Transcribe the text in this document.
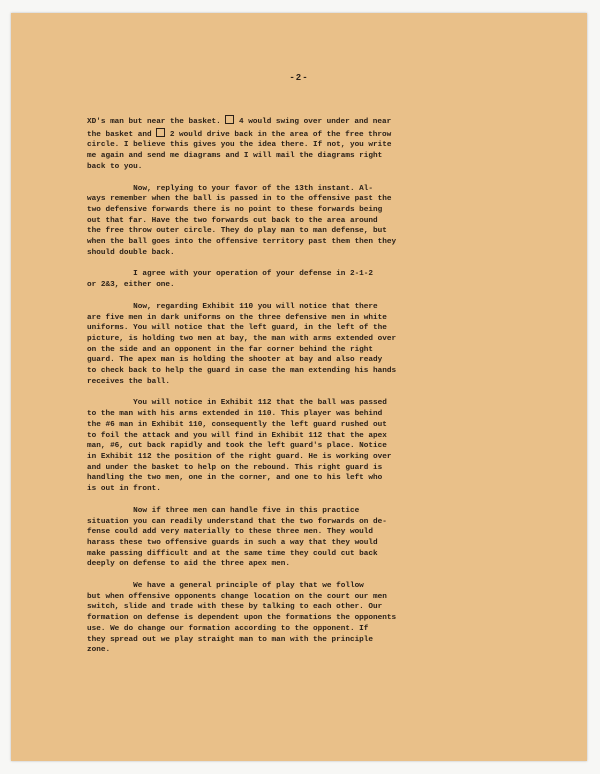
-2-

XD's man but near the basket.  4 would swing over under and near

the basket and  2 would drive back in the area of the free throw

circle. I believe this gives you the idea there. If not, you write

me again and send me diagrams and I will mail the diagrams right

back to you.

Now, replying to your favor of the 13th instant. Al-

ways remember when the ball is passed in to the offensive past the

two defensive forwards there is no point to these forwards being

out that far. Have the two forwards cut back to the area around

the free throw outer circle. They do play man to man defense, but

when the ball goes into the offensive territory past them then they

should double back.

I agree with your operation of your defense in 2-1-2

or 2&3, either one.

Now, regarding Exhibit 110 you will notice that there

are five men in dark uniforms on the three defensive men in white

uniforms. You will notice that the left guard, in the left of the

picture, is holding two men at bay, the man with arms extended over

on the side and an opponent in the far corner behind the right

guard. The apex man is holding the shooter at bay and also ready

to check back to help the guard in case the man extending his hands

receives the ball.

You will notice in Exhibit 112 that the ball was passed

to the man with his arms extended in 110. This player was behind

the #6 man in Exhibit 110, consequently the left guard rushed out

to foil the attack and you will find in Exhibit 112 that the apex

man, #6, cut back rapidly and took the left guard's place. Notice

in Exhibit 112 the position of the right guard. He is working over

and under the basket to help on the rebound. This right guard is

handling the two men, one in the corner, and one to his left who

is out in front.

Now if three men can handle five in this practice

situation you can readily understand that the two forwards on de-

fense could add very materially to these three men. They would

harass these two offensive guards in such a way that they would

make passing difficult and at the same time they could cut back

deeply on defense to aid the three apex men.

We have a general principle of play that we follow

but when offensive opponents change location on the court our men

switch, slide and trade with these by talking to each other. Our

formation on defense is dependent upon the formations the opponents

use. We do change our formation according to the opponent. If

they spread out we play straight man to man with the principle

zone.
